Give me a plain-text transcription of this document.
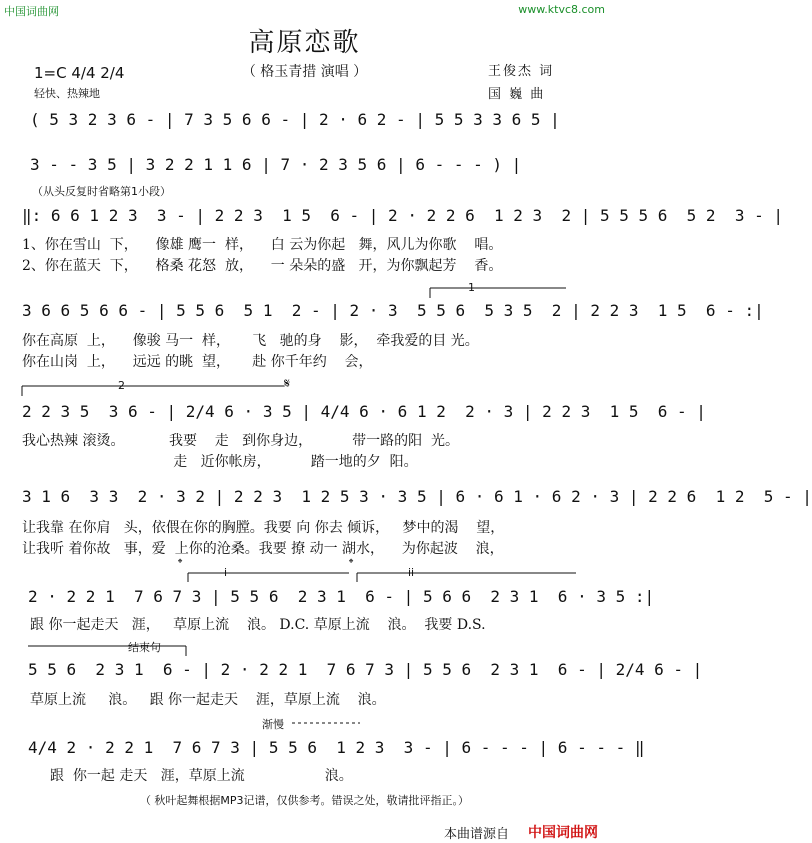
中国词曲网	www.ktvc8.com
高原恋歌
（ 格玉青措 演唱 ）
1=C 4/4 2/4
轻快、热辣地
王俊杰 词
国 巍 曲
( 5 3 2 3 6 - | 7 3 5 6 6 - | 2 · 6 2 - | 5 5 3 3 6 5 |
3 - - 3 5 | 3 2 2 1 1 6 | 7 · 2 3 5 6 | 6 - - - ) |
（从头反复时省略第1小段）
‖: 6 6 1 2 3  3 - | 2 2 3  1 5  6 - | 2 · 2 2 6  1 2 3  2 | 5 5 5 6  5 2  3 - |
1、你在雪山  下，    像雄 鹰一  样，    白 云为你起   舞，风儿为你歌    唱。
2、你在蓝天  下，    格桑 花怒  放，    一 朵朵的盛   开，为你飘起芳    香。
1
3 6 6 5 6 6 - | 5 5 6  5 1  2 - | 2 · 3  5 5 6  5 3 5  2 | 2 2 3  1 5  6 - :|
你在高原  上，    像骏 马一  样，     飞   驰的身    影，  牵我爱的目 光。
你在山岗  上，    远远 的眺  望，     赴 你千年约    会，
2	𝄋
2 2 3 5  3 6 - | 2/4 6 · 3 5 | 4/4 6 · 6 1 2  2 · 3 | 2 2 3  1 5  6 - |
我心热辣 滚烫。          我要    走   到你身边，         带一路的阳  光。
走   近你帐房，         踏一地的夕  阳。
3 1 6  3 3  2 · 3 2 | 2 2 3  1 2 5 3 · 3 5 | 6 · 6 1 · 6 2 · 3 | 2 2 6  1 2  5 - |
让我靠 在你肩   头，依偎在你的胸膛。我要 向 你去 倾诉，   梦中的渴    望，
让我听 着你故   事，爱  上你的沧桑。我要 撩 动一 湖水，    为你起波    浪，
𝄌	𝄌
i	ii
2 · 2 2 1  7 6 7 3 | 5 5 6  2 3 1  6 - | 5 6 6  2 3 1  6 · 3 5 :|
跟 你一起走天   涯，   草原上流    浪。 D.C. 草原上流    浪。  我要 D.S.
结束句
5 5 6  2 3 1  6 - | 2 · 2 2 1  7 6 7 3 | 5 5 6  2 3 1  6 - | 2/4 6 - |
草原上流     浪。   跟 你一起走天    涯，草原上流    浪。
渐慢
4/4 2 · 2 2 1  7 6 7 3 | 5 5 6  1 2 3  3 - | 6 - - - | 6 - - - ‖
跟  你一起 走天   涯，草原上流                  浪。
（ 秋叶起舞根据MP3记谱，仅供参考。错误之处，敬请批评指正。）
本曲谱源自 中国词曲网
